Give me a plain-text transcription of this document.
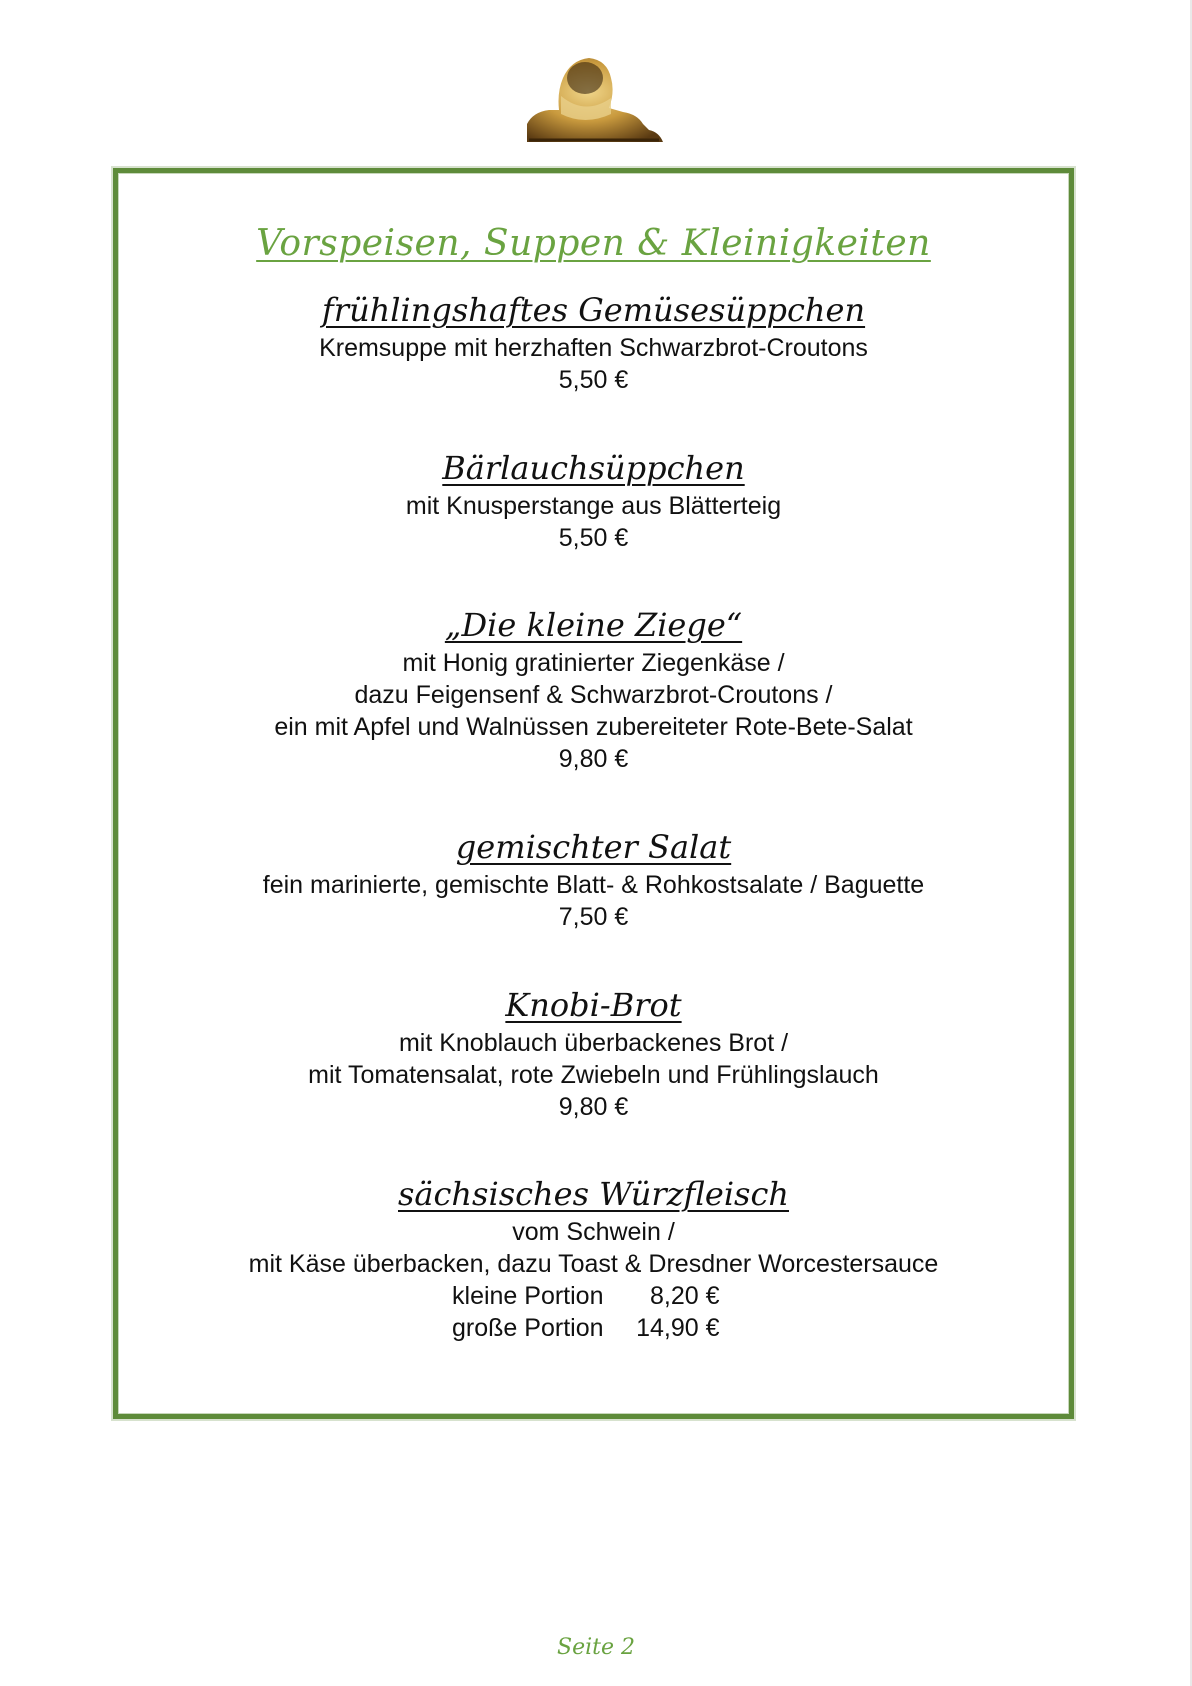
Vorspeisen, Suppen & Kleinigkeiten
frühlingshaftes Gemüsesüppchen
Kremsuppe mit herzhaften Schwarzbrot-Croutons
5,50 €
Bärlauchsüppchen
mit Knusperstange aus Blätterteig
5,50 €
„Die kleine Ziege“
mit Honig gratinierter Ziegenkäse /
dazu Feigensenf & Schwarzbrot-Croutons /
ein mit Apfel und Walnüssen zubereiteter Rote-Bete-Salat
9,80 €
gemischter Salat
fein marinierte, gemischte Blatt- & Rohkostsalate / Baguette
7,50 €
Knobi-Brot
mit Knoblauch überbackenes Brot /
mit Tomatensalat, rote Zwiebeln und Frühlingslauch
9,80 €
sächsisches Würzfleisch
vom Schwein /
mit Käse überbacken, dazu Toast & Dresdner Worcestersauce
kleine Portion	8,20 €
große Portion	14,90 €
Seite 2
